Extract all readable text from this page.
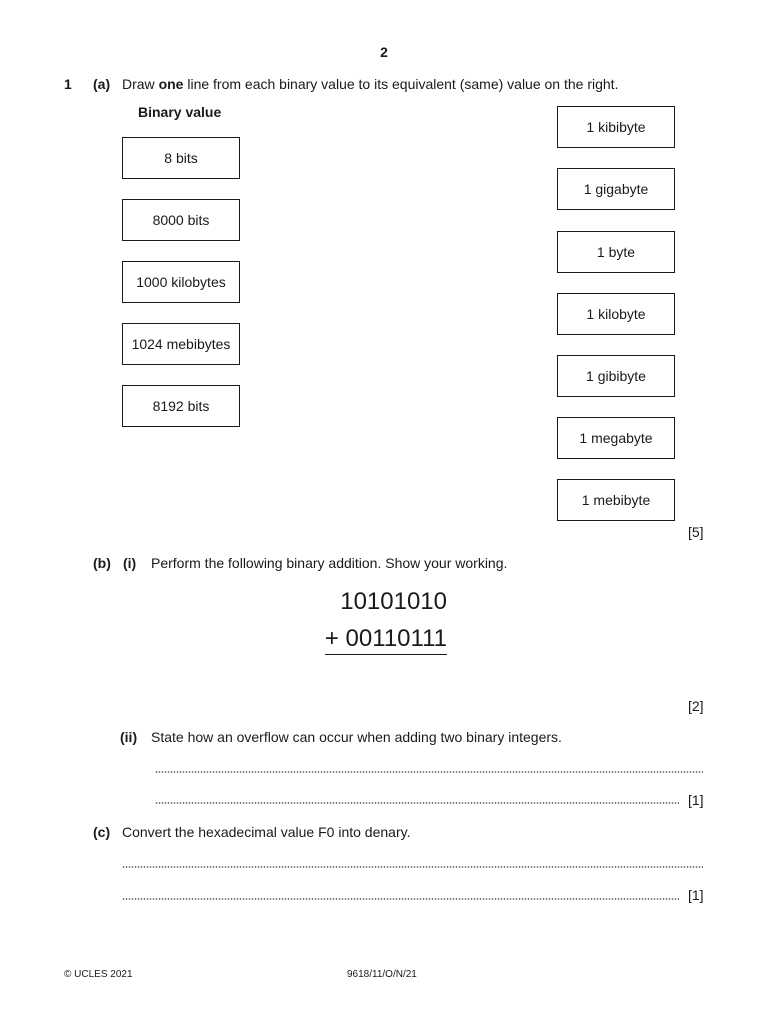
2
1 (a) Draw one line from each binary value to its equivalent (same) value on the right.
Binary value
8 bits
8000 bits
1000 kilobytes
1024 mebibytes
8192 bits
1 kibibyte
1 gigabyte
1 byte
1 kilobyte
1 gibibyte
1 megabyte
1 mebibyte
[5]
(b) (i) Perform the following binary addition. Show your working.
10101010
+ 00110111
[2]
(ii) State how an overflow can occur when adding two binary integers.
[1]
(c) Convert the hexadecimal value F0 into denary.
[1]
© UCLES 2021	9618/11/O/N/21
